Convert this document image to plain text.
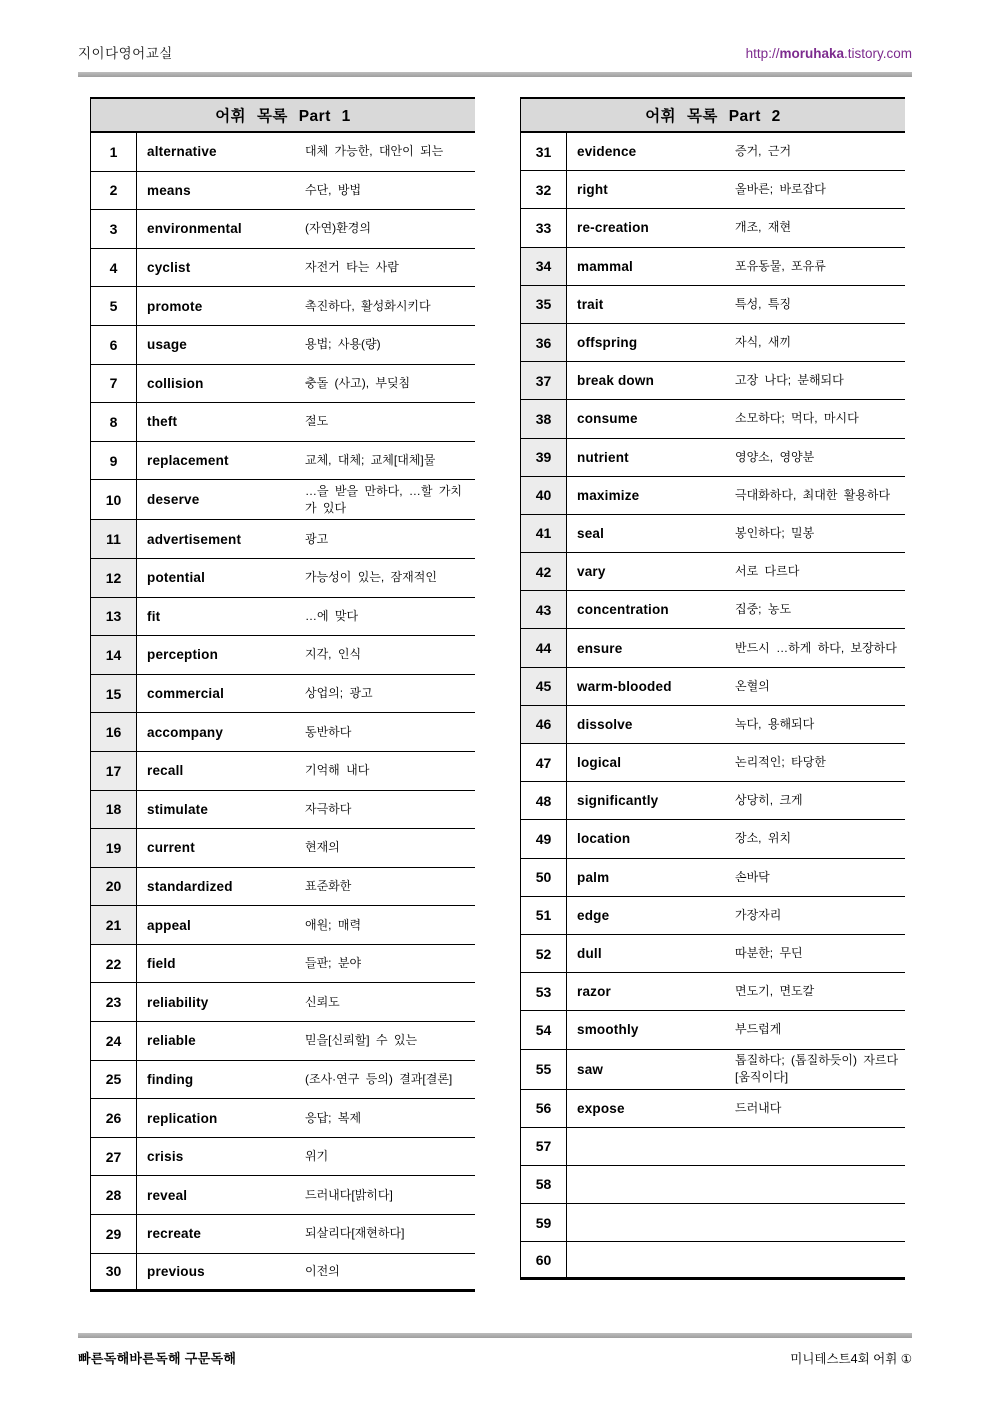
지이다영어교실	http://moruhaka.tistory.com
어휘 목록 Part 1
1	alternative	대체 가능한, 대안이 되는
2	means	수단, 방법
3	environmental	(자연)환경의
4	cyclist	자전거 타는 사람
5	promote	촉진하다, 활성화시키다
6	usage	용법; 사용(량)
7	collision	충돌 (사고), 부딪침
8	theft	절도
9	replacement	교체, 대체; 교체[대체]물
10	deserve
…을 받을 만하다, …할 가치가 있다
11	advertisement	광고
12	potential	가능성이 있는, 잠재적인
13	fit	…에 맞다
14	perception	지각, 인식
15	commercial	상업의; 광고
16	accompany	동반하다
17	recall	기억해 내다
18	stimulate	자극하다
19	current	현재의
20	standardized	표준화한
21	appeal	애원; 매력
22	field	들판; 분야
23	reliability	신뢰도
24	reliable	믿을[신뢰할] 수 있는
25	finding	(조사·연구 등의) 결과[결론]
26	replication	응답; 복제
27	crisis	위기
28	reveal	드러내다[밝히다]
29	recreate	되살리다[재현하다]
30	previous	이전의
어휘 목록 Part 2
31	evidence	증거, 근거
32	right	올바른; 바로잡다
33	re-creation	개조, 재현
34	mammal	포유동물, 포유류
35	trait	특성, 특징
36	offspring	자식, 새끼
37	break down	고장 나다; 분해되다
38	consume	소모하다; 먹다, 마시다
39	nutrient	영양소, 영양분
40	maximize	극대화하다, 최대한 활용하다
41	seal	봉인하다; 밀봉
42	vary	서로 다르다
43	concentration	집중; 농도
44	ensure	반드시 …하게 하다, 보장하다
45	warm-blooded	온혈의
46	dissolve	녹다, 용해되다
47	logical	논리적인; 타당한
48	significantly	상당히, 크게
49	location	장소, 위치
50	palm	손바닥
51	edge	가장자리
52	dull	따분한; 무딘
53	razor	면도기, 면도칼
54	smoothly	부드럽게
55	saw
톱질하다; (톱질하듯이) 자르다[움직이다]
56	expose	드러내다
57
58
59
60
빠른독해바른독해 구문독해	미니테스트4회 어휘 ①
